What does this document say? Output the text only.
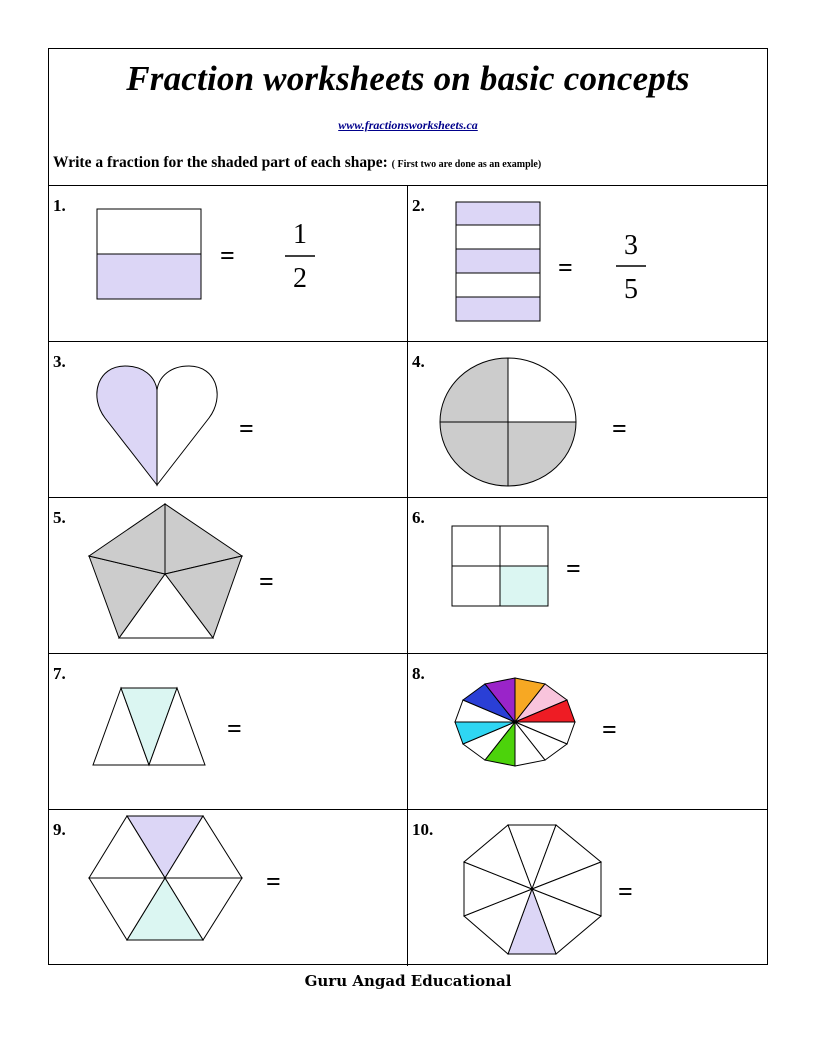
Fraction worksheets on basic concepts
www.fractionsworksheets.ca
Write a fraction for the shaded part of each shape: ( First two are done as an example)
1.
=
1
2
2.
=
3
5
3.
=
4.
=
5.
=
6.
=
7.
=
8.
=
9.
=
10.
=
Guru Angad Educational
